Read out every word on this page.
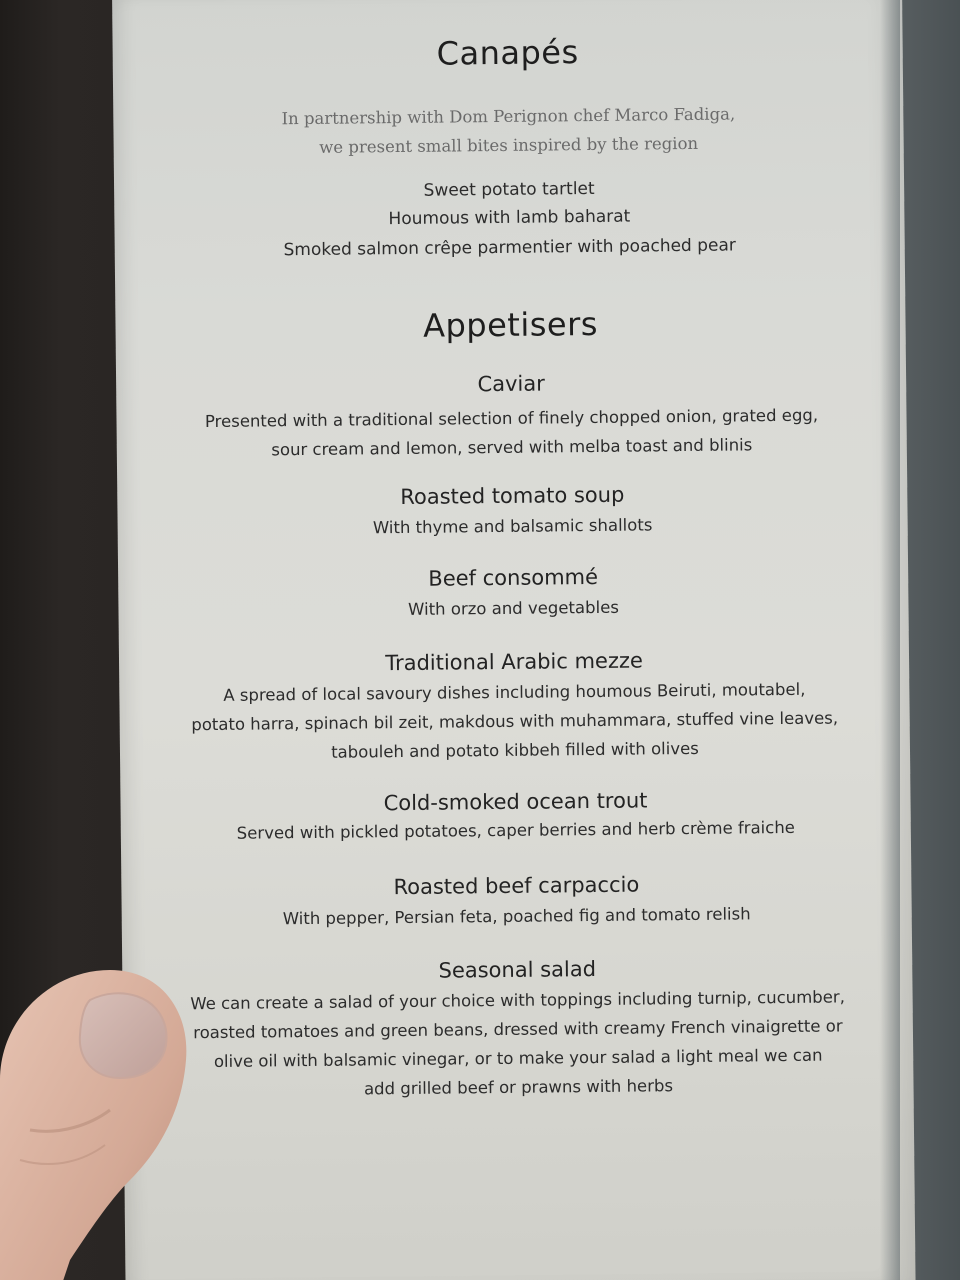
Canapés
In partnership with Dom Perignon chef Marco Fadiga,
we present small bites inspired by the region
Sweet potato tartlet
Houmous with lamb baharat
Smoked salmon crêpe parmentier with poached pear
Appetisers
Caviar
Presented with a traditional selection of finely chopped onion, grated egg,
sour cream and lemon, served with melba toast and blinis
Roasted tomato soup
With thyme and balsamic shallots
Beef consommé
With orzo and vegetables
Traditional Arabic mezze
A spread of local savoury dishes including houmous Beiruti, moutabel,
potato harra, spinach bil zeit, makdous with muhammara, stuffed vine leaves,
tabouleh and potato kibbeh filled with olives
Cold-smoked ocean trout
Served with pickled potatoes, caper berries and herb crème fraiche
Roasted beef carpaccio
With pepper, Persian feta, poached fig and tomato relish
Seasonal salad
We can create a salad of your choice with toppings including turnip, cucumber,
roasted tomatoes and green beans, dressed with creamy French vinaigrette or
olive oil with balsamic vinegar, or to make your salad a light meal we can
add grilled beef or prawns with herbs
